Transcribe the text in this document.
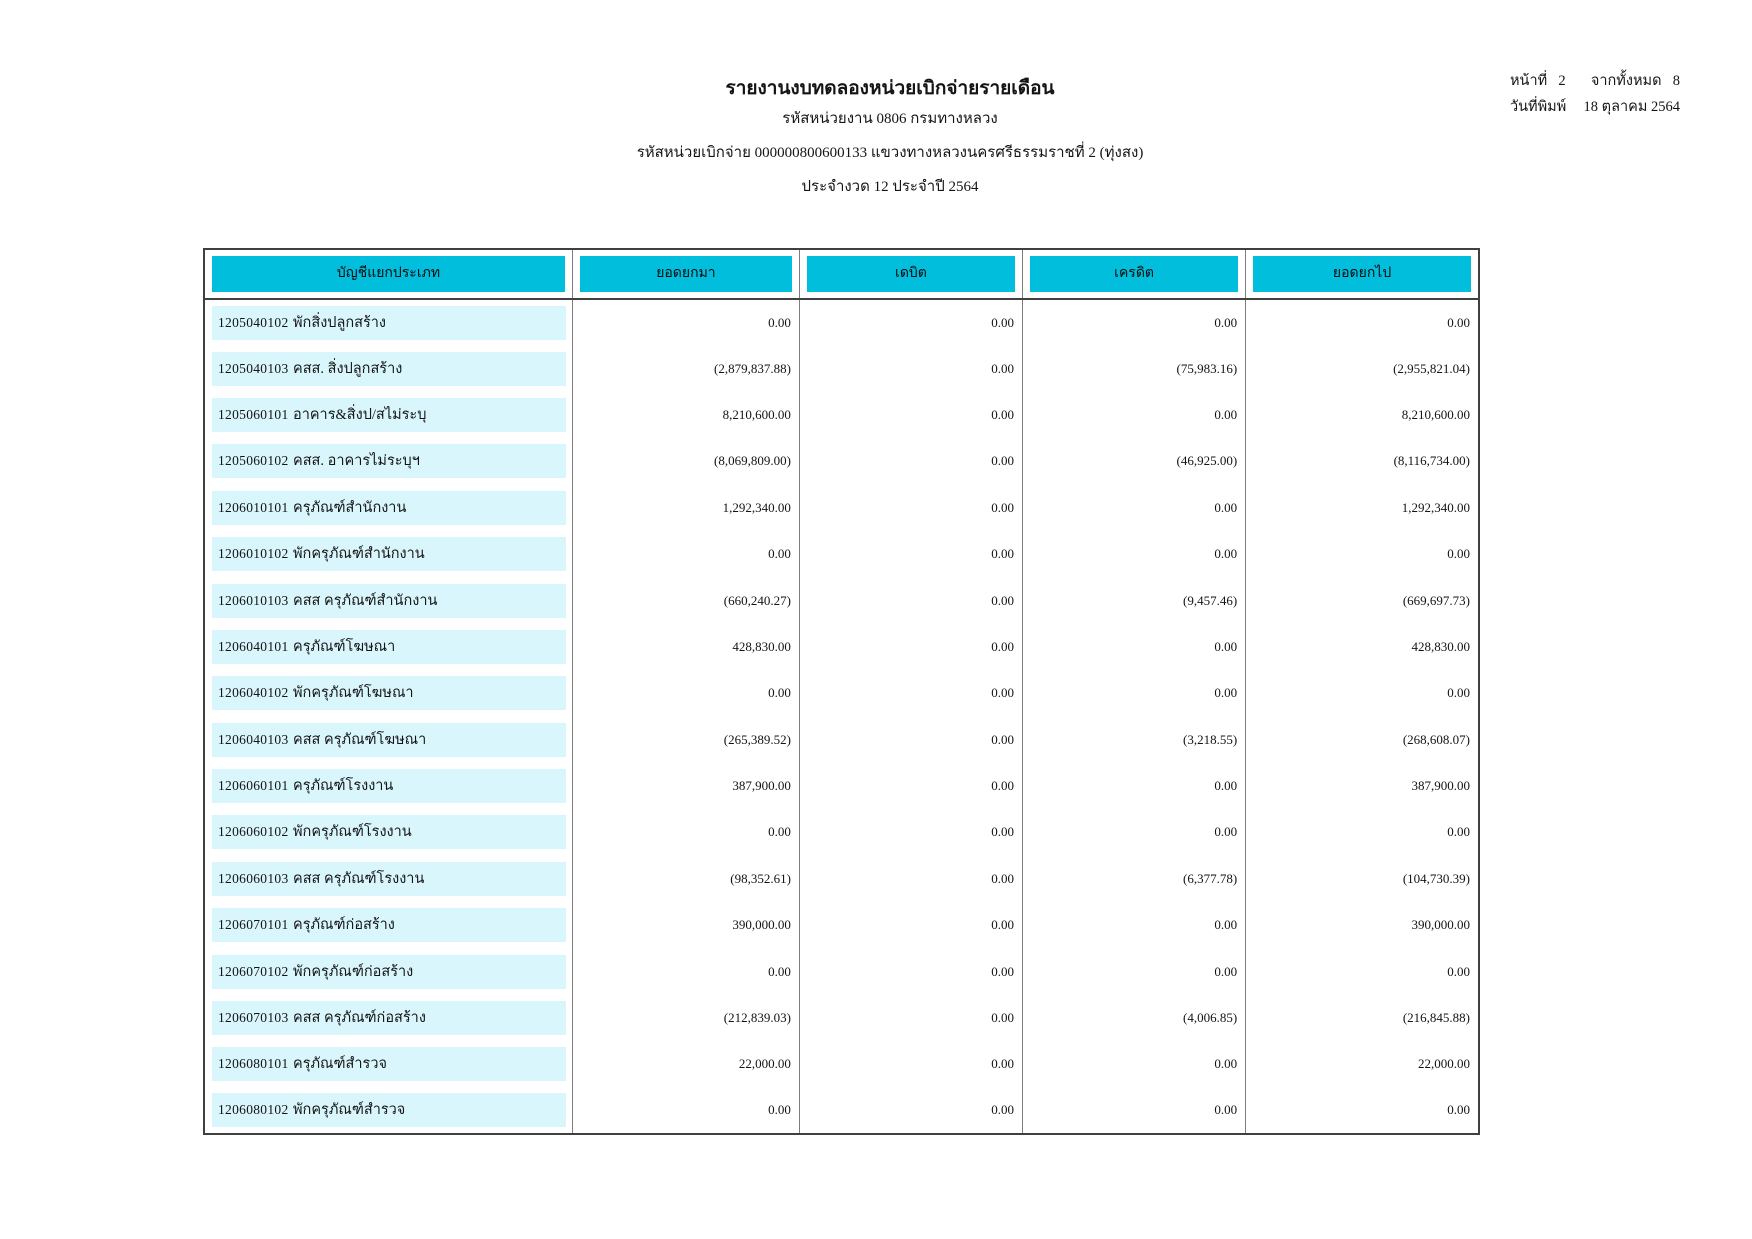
รายงานงบทดลองหน่วยเบิกจ่ายรายเดือน
รหัสหน่วยงาน 0806 กรมทางหลวง
รหัสหน่วยเบิกจ่าย 000000800600133 แขวงทางหลวงนครศรีธรรมราชที่ 2 (ทุ่งสง)
ประจำงวด 12 ประจำปี 2564
หน้าที่ 2 จากทั้งหมด 8
วันที่พิมพ์ 18 ตุลาคม 2564
บัญชีแยกประเภท	ยอดยกมา	เดบิต	เครดิต	ยอดยกไป

1205040102 พักสิ่งปลูกสร้าง	0.00	0.00	0.00	0.00

1205040103 คสส. สิ่งปลูกสร้าง	(2,879,837.88)	0.00	(75,983.16)	(2,955,821.04)

1205060101 อาคาร&สิ่งป/สไม่ระบุ	8,210,600.00	0.00	0.00	8,210,600.00

1205060102 คสส. อาคารไม่ระบุฯ	(8,069,809.00)	0.00	(46,925.00)	(8,116,734.00)

1206010101 ครุภัณฑ์สำนักงาน	1,292,340.00	0.00	0.00	1,292,340.00

1206010102 พักครุภัณฑ์สำนักงาน	0.00	0.00	0.00	0.00

1206010103 คสส ครุภัณฑ์สำนักงาน	(660,240.27)	0.00	(9,457.46)	(669,697.73)

1206040101 ครุภัณฑ์โฆษณา	428,830.00	0.00	0.00	428,830.00

1206040102 พักครุภัณฑ์โฆษณา	0.00	0.00	0.00	0.00

1206040103 คสส ครุภัณฑ์โฆษณา	(265,389.52)	0.00	(3,218.55)	(268,608.07)

1206060101 ครุภัณฑ์โรงงาน	387,900.00	0.00	0.00	387,900.00

1206060102 พักครุภัณฑ์โรงงาน	0.00	0.00	0.00	0.00

1206060103 คสส ครุภัณฑ์โรงงาน	(98,352.61)	0.00	(6,377.78)	(104,730.39)

1206070101 ครุภัณฑ์ก่อสร้าง	390,000.00	0.00	0.00	390,000.00

1206070102 พักครุภัณฑ์ก่อสร้าง	0.00	0.00	0.00	0.00

1206070103 คสส ครุภัณฑ์ก่อสร้าง	(212,839.03)	0.00	(4,006.85)	(216,845.88)

1206080101 ครุภัณฑ์สำรวจ	22,000.00	0.00	0.00	22,000.00

1206080102 พักครุภัณฑ์สำรวจ	0.00	0.00	0.00	0.00
